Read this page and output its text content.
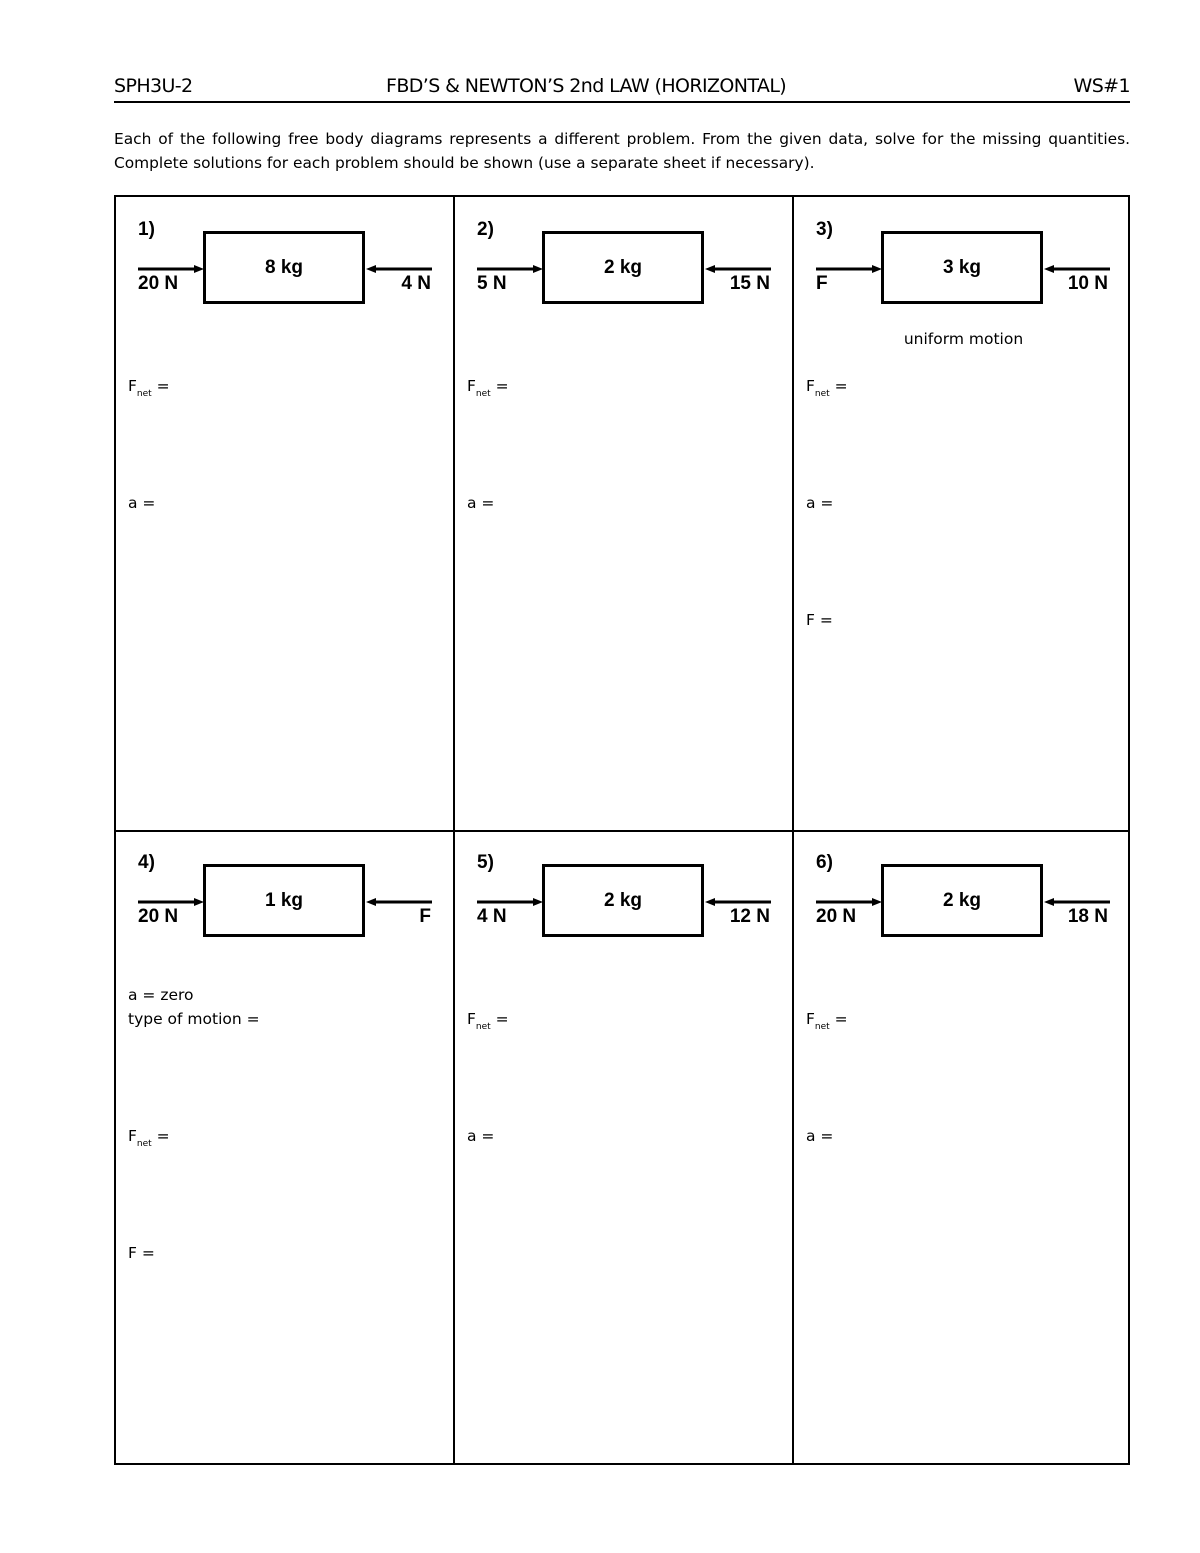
SPH3U-2	FBD’S & NEWTON’S 2nd LAW (HORIZONTAL)	WS#1
Each of the following free body diagrams represents a different problem. From the given data, solve for the missing quantities. Complete solutions for each problem should be shown (use a separate sheet if necessary).
1)
8 kg
20 N	4 N
$F_{net}$ =
a =
2)
2 kg
5 N	15 N
$F_{net}$ =
a =
3)
3 kg
F	10 N
uniform motion
$F_{net}$ =
a =
F =
4)
1 kg
20 N	F
a = zero
type of motion =
$F_{net}$ =
F =
5)
2 kg
4 N	12 N
$F_{net}$ =
a =
6)
2 kg
20 N	18 N
$F_{net}$ =
a =
